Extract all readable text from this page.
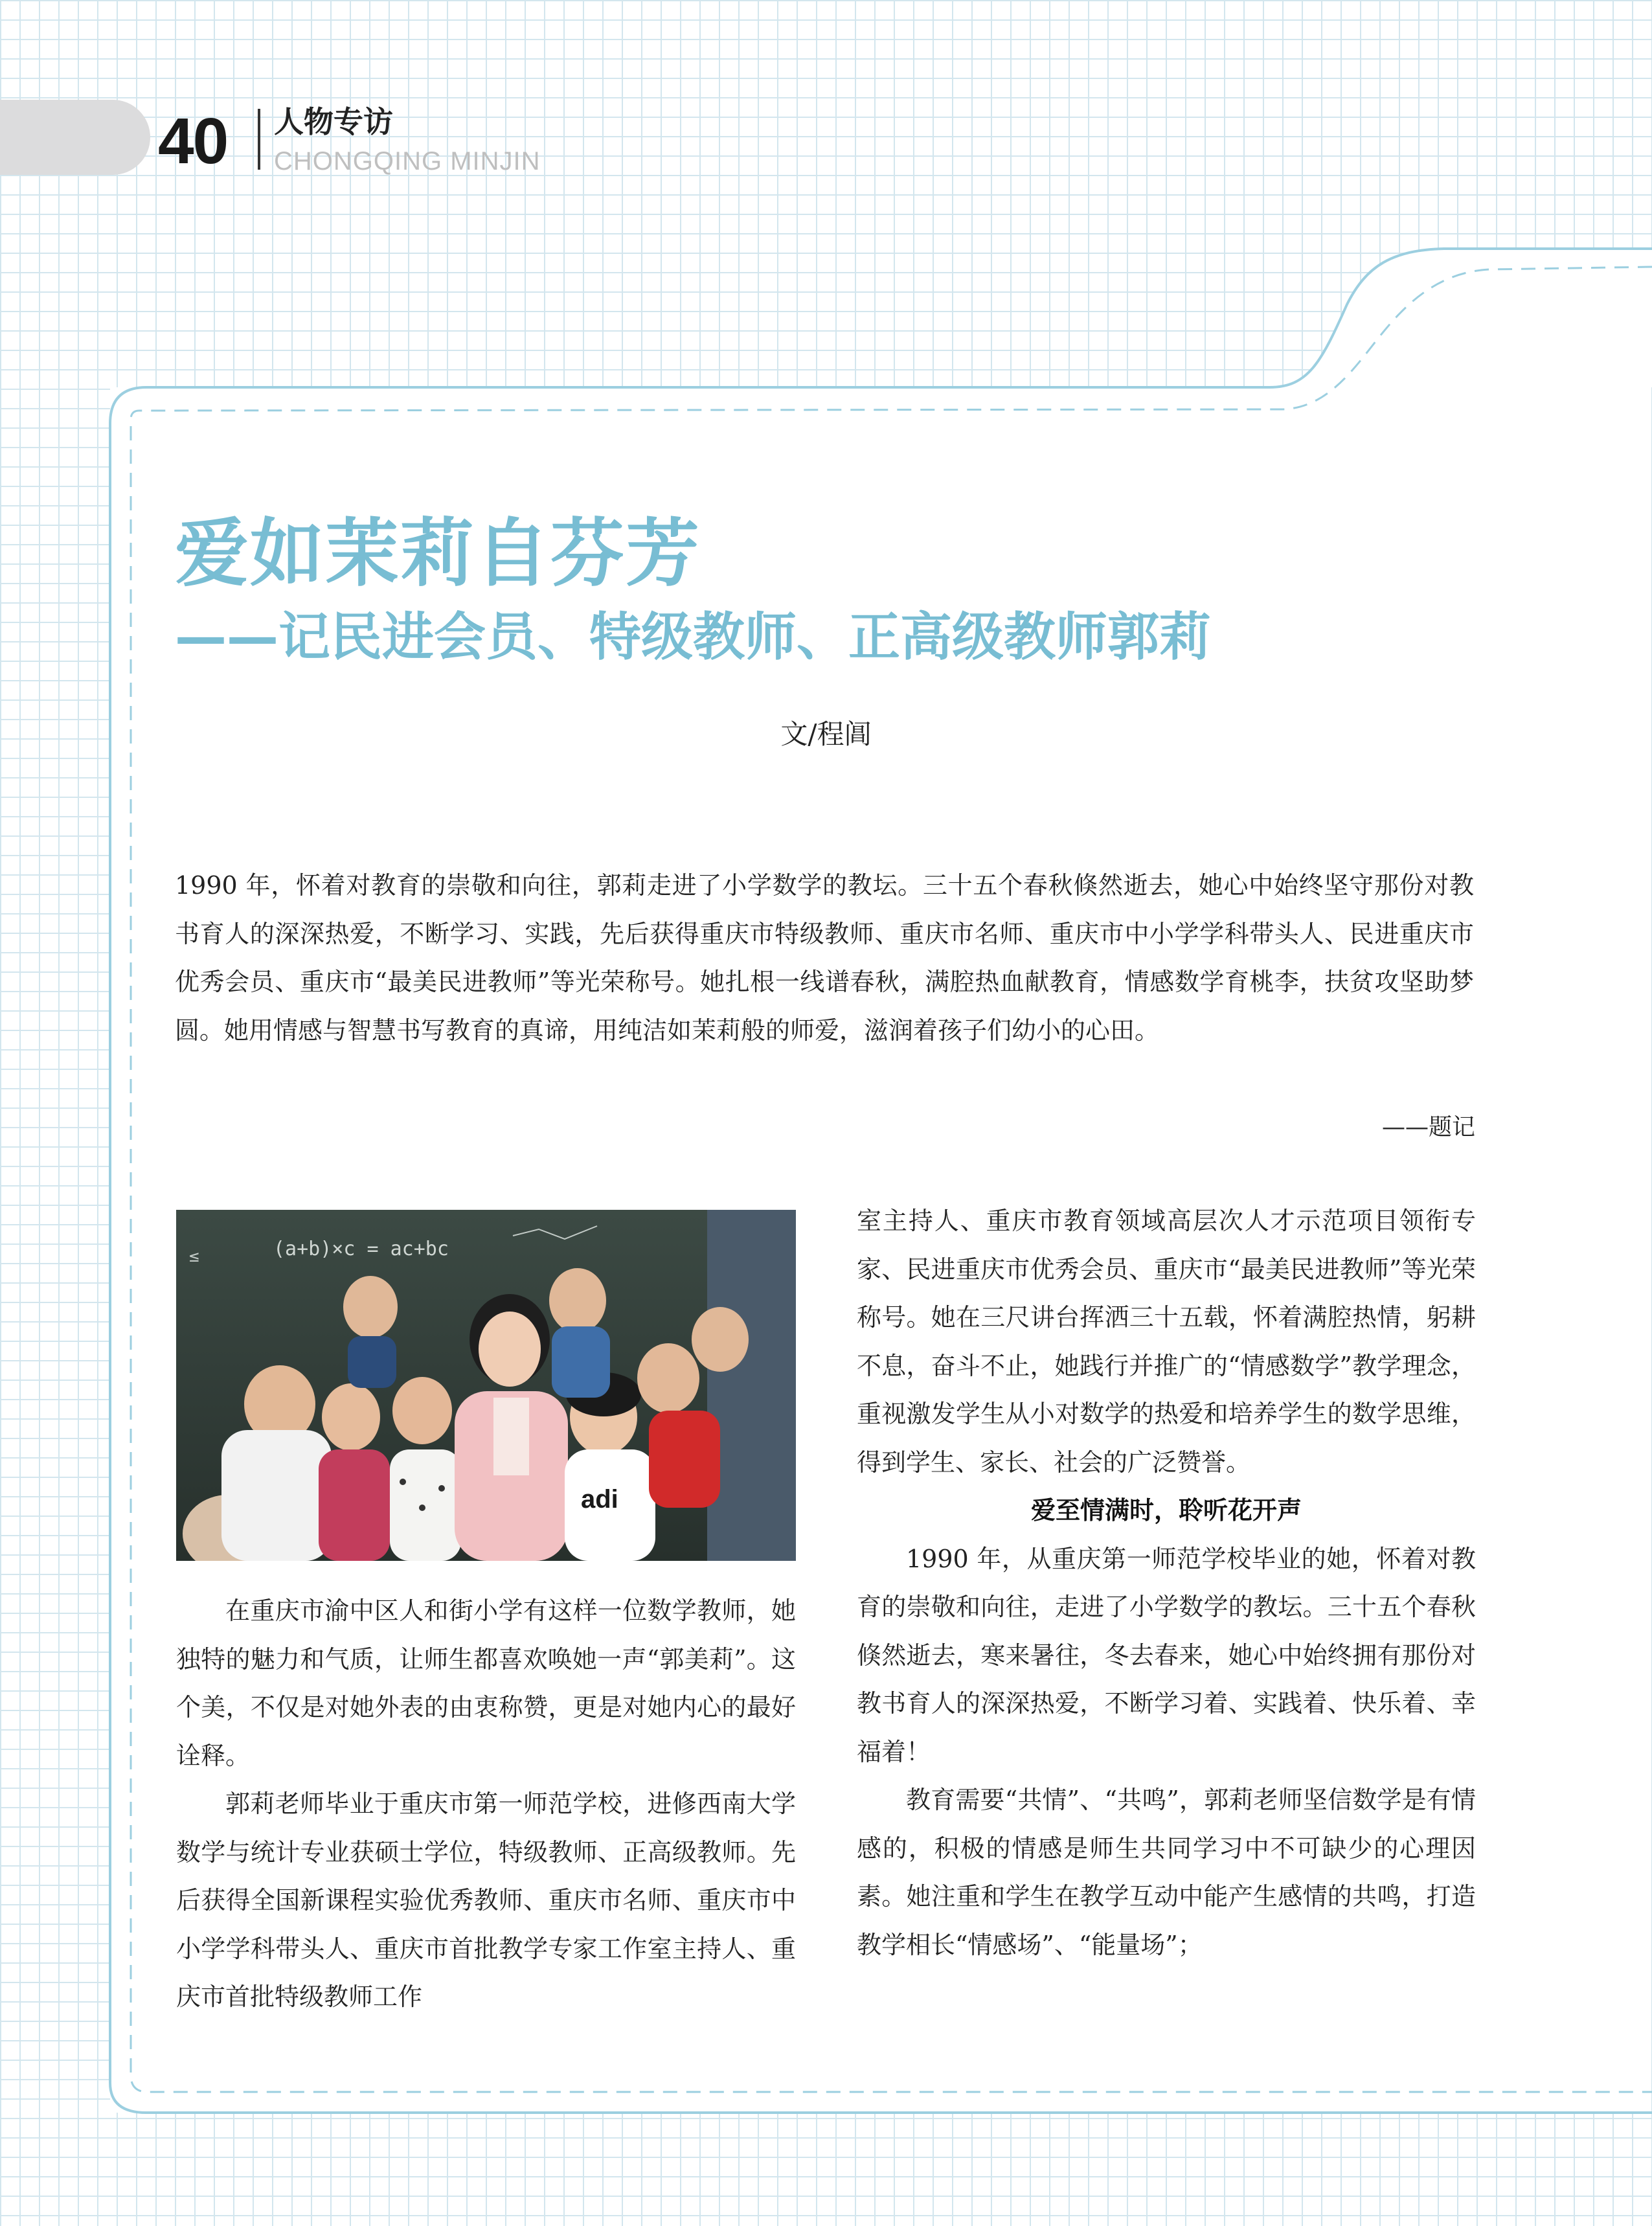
40 人物专访
CHONGQING MINJIN
爱如茉莉自芬芳
——记民进会员、特级教师、正高级教师郭莉
文/程阊

1990 年，怀着对教育的崇敬和向往，郭莉走进了小学数学的教坛。三十五个春秋倏然逝去，她心中始终坚守那份对教书育人的深深热爱，不断学习、实践，先后获得重庆市特级教师、重庆市名师、重庆市中小学学科带头人、民进重庆市优秀会员、重庆市“最美民进教师”等光荣称号。她扎根一线谱春秋，满腔热血献教育，情感数学育桃李，扶贫攻坚助梦圆。她用情感与智慧书写教育的真谛，用纯洁如茉莉般的师爱，滋润着孩子们幼小的心田。

——题记
(a+b)×c = ac+bc
≤
adi

在重庆市渝中区人和街小学有这样一位数学教师，她独特的魅力和气质，让师生都喜欢唤她一声“郭美莉”。这个美，不仅是对她外表的由衷称赞，更是对她内心的最好诠释。

郭莉老师毕业于重庆市第一师范学校，进修西南大学数学与统计专业获硕士学位，特级教师、正高级教师。先后获得全国新课程实验优秀教师、重庆市名师、重庆市中小学学科带头人、重庆市首批教学专家工作室主持人、重庆市首批特级教师工作

室主持人、重庆市教育领域高层次人才示范项目领衔专家、民进重庆市优秀会员、重庆市“最美民进教师”等光荣称号。她在三尺讲台挥洒三十五载，怀着满腔热情，躬耕不息，奋斗不止，她践行并推广的“情感数学”教学理念，重视激发学生从小对数学的热爱和培养学生的数学思维，得到学生、家长、社会的广泛赞誉。

爱至情满时，聆听花开声

1990 年，从重庆第一师范学校毕业的她，怀着对教育的崇敬和向往，走进了小学数学的教坛。三十五个春秋倏然逝去，寒来暑往，冬去春来，她心中始终拥有那份对教书育人的深深热爱，不断学习着、实践着、快乐着、幸福着！

教育需要“共情”、“共鸣”，郭莉老师坚信数学是有情感的，积极的情感是师生共同学习中不可缺少的心理因素。她注重和学生在教学互动中能产生感情的共鸣，打造教学相长“情感场”、“能量场”；
